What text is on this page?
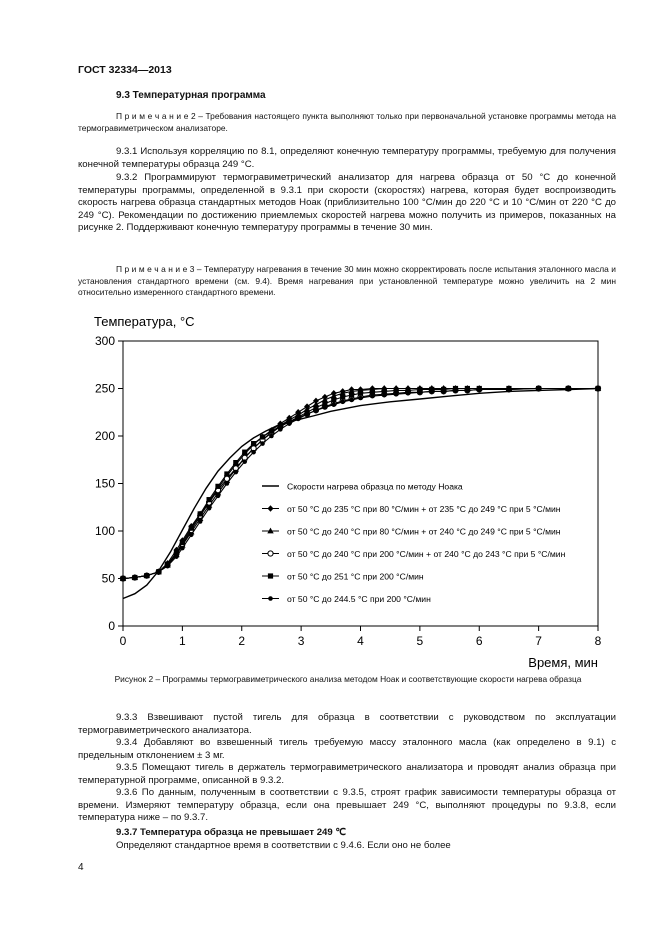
ГОСТ 32334—2013
9.3 Температурная программа
П р и м е ч а н и е 2 – Требования настоящего пункта выполняют только при первоначальной установке программы метода на термогравиметрическом анализаторе.
9.3.1 Используя корреляцию по 8.1, определяют конечную температуру программы, требуемую для получения конечной температуры образца 249 °С.
9.3.2 Программируют термогравиметрический анализатор для нагрева образца от 50 °С до конечной температуры программы, определенной в 9.3.1 при скорости (скоростях) нагрева, которая будет воспроизводить скорость нагрева образца стандартных методов Ноак (приблизительно 100 °С/мин до 220 °С и 10 °С/мин от 220 °С до 249 °С). Рекомендации по достижению приемлемых скоростей нагрева можно получить из примеров, показанных на рисунке 2. Поддерживают конечную температуру программы в течение 30 мин.
П р и м е ч а н и е 3 – Температуру нагревания в течение 30 мин можно скорректировать после испытания эталонного масла и установления стандартного времени (см. 9.4). Время нагревания при установленной температуре можно увеличить на 2 мин относительно измеренного стандартного времени.
0	1	2	3	4	5	6	7	8
0
50
100
150
200
250
300
Температура, °С
Время, мин
Скорости нагрева образца по методу Ноака
от 50 °С до 235 °С при 80 °С/мин + от 235 °С до 249 °С при 5 °С/мин
от 50 °С до 240 °С при 80 °С/мин + от 240 °С до 249 °С при 5 °С/мин
от 50 °С до 240 °С при 200 °С/мин + от 240 °С до 243 °С при 5 °С/мин
от 50 °С до 251 °С при 200 °С/мин
от 50 °С до 244.5 °С при 200 °С/мин
Рисунок 2 – Программы термогравиметрического анализа методом Ноак и соответствующие скорости нагрева образца
9.3.3 Взвешивают пустой тигель для образца в соответствии с руководством по эксплуатации термогравиметрического анализатора.
9.3.4 Добавляют во взвешенный тигель требуемую массу эталонного масла (как определено в 9.1) с предельным отклонением ± 3 мг.
9.3.5 Помещают тигель в держатель термогравиметрического анализатора и проводят анализ образца при температурной программе, описанной в 9.3.2.
9.3.6 По данным, полученным в соответствии с 9.3.5, строят график зависимости температуры образца от времени. Измеряют температуру образца, если она превышает 249 °С, выполняют процедуры по 9.3.8, если температура ниже – по 9.3.7.
9.3.7 Температура образца не превышает 249 ℃
Определяют стандартное время в соответствии с 9.4.6. Если оно не более
4
